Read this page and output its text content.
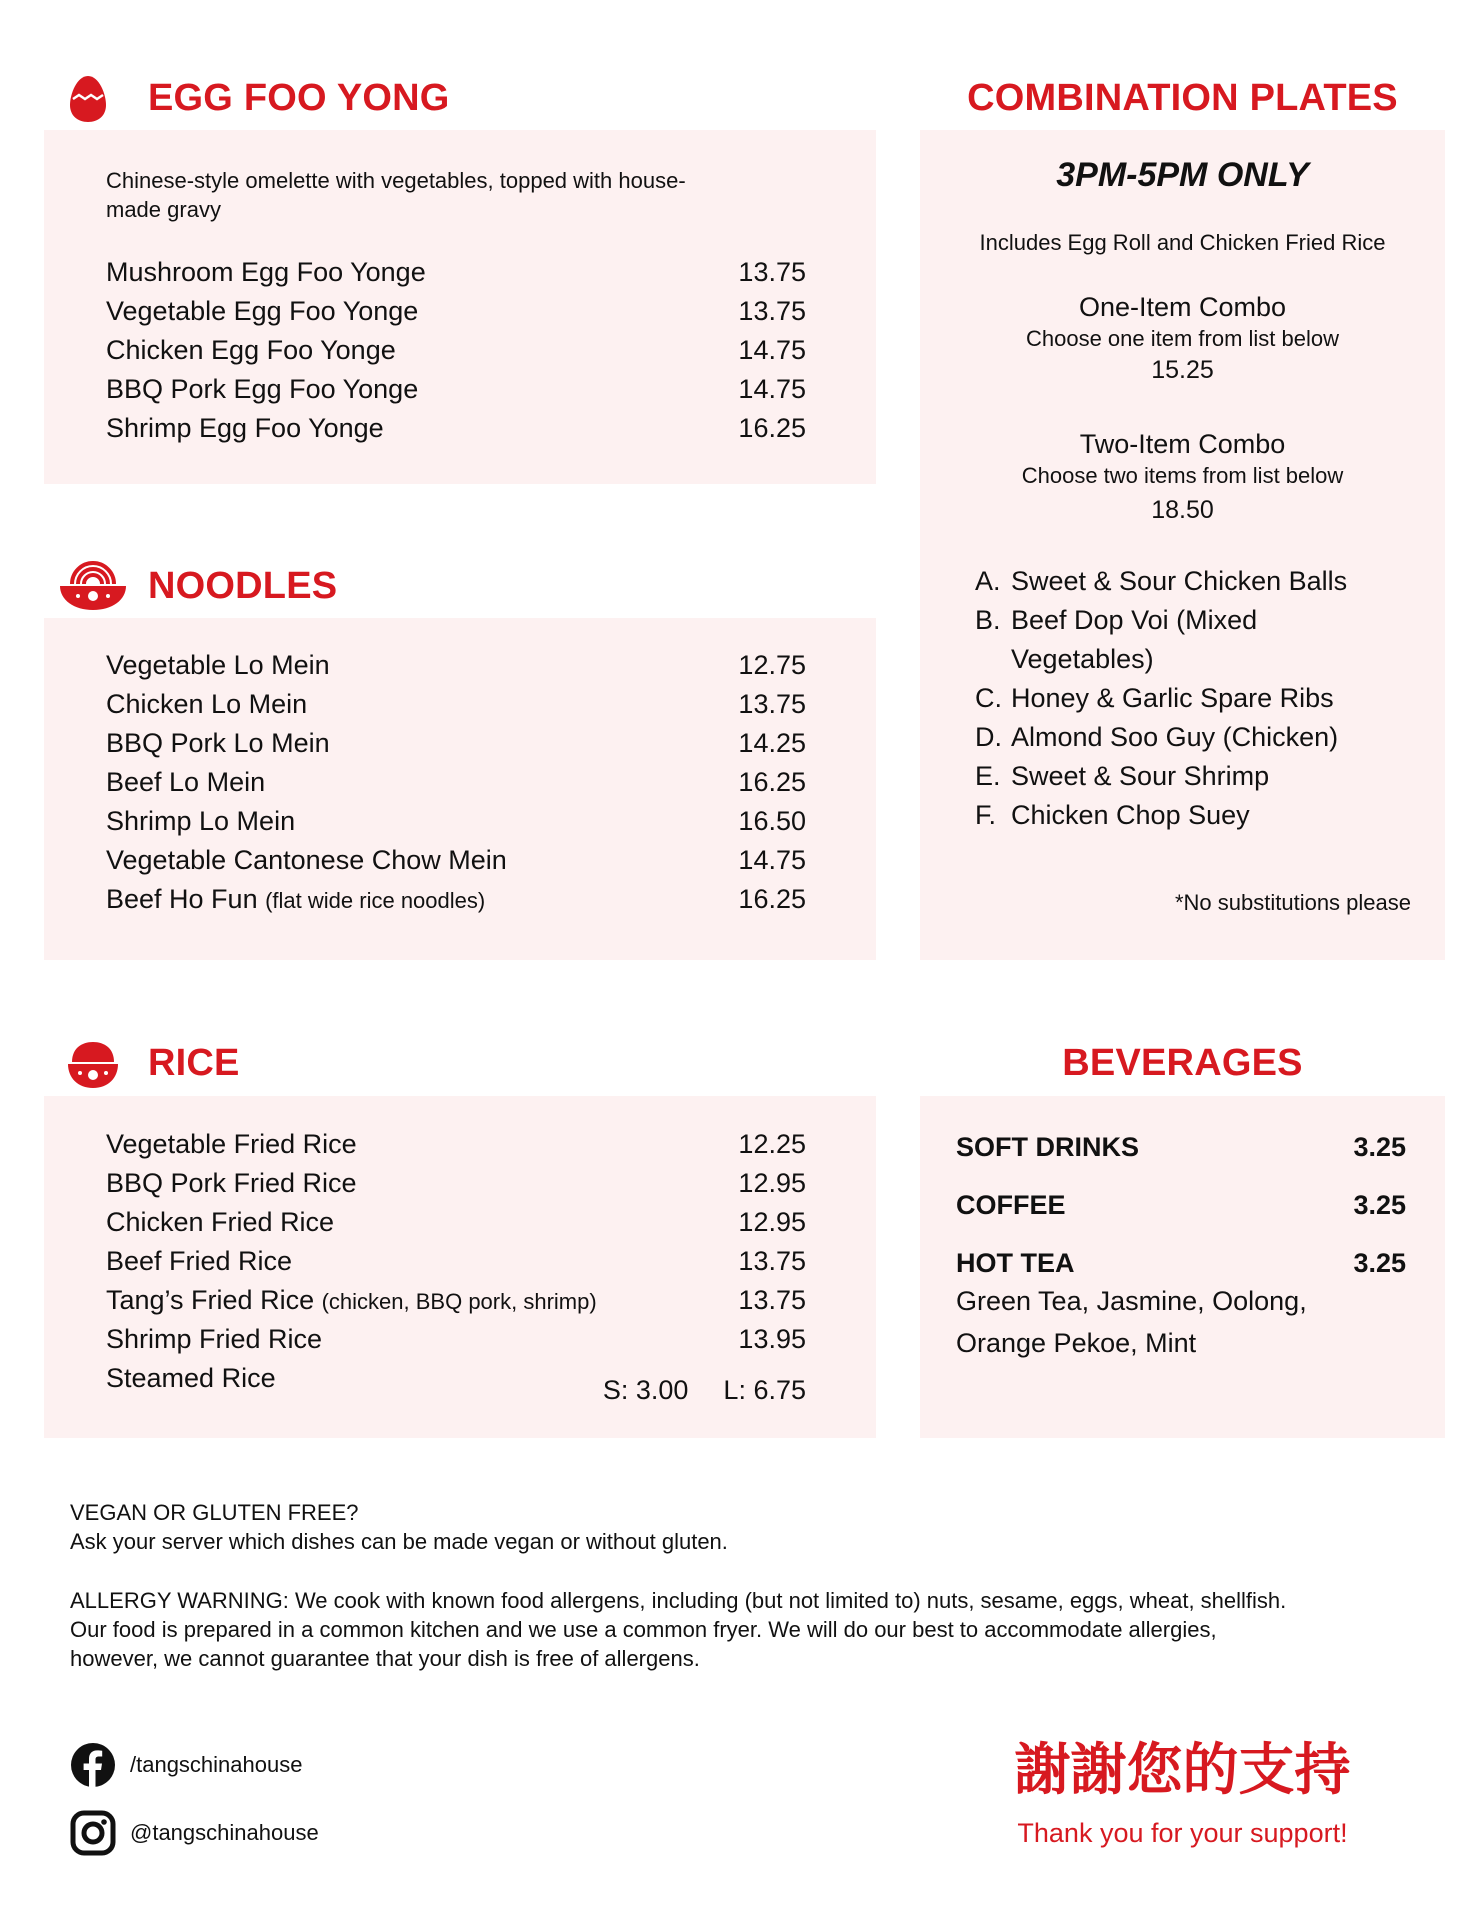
EGG FOO YONG
Chinese-style omelette with vegetables, topped with house-made gravy
Mushroom Egg Foo Yonge	13.75
Vegetable Egg Foo Yonge	13.75
Chicken Egg Foo Yonge	14.75
BBQ Pork Egg Foo Yonge	14.75
Shrimp Egg Foo Yonge	16.25
NOODLES
Vegetable Lo Mein	12.75
Chicken Lo Mein	13.75
BBQ Pork Lo Mein	14.25
Beef Lo Mein	16.25
Shrimp Lo Mein	16.50
Vegetable Cantonese Chow Mein	14.75
Beef Ho Fun (flat wide rice noodles)	16.25
RICE
Vegetable Fried Rice	12.25
BBQ Pork Fried Rice	12.95
Chicken Fried Rice	12.95
Beef Fried Rice	13.75
Tang’s Fried Rice (chicken, BBQ pork, shrimp)	13.75
Shrimp Fried Rice	13.95
Steamed Rice	S: 3.00 L: 6.75
COMBINATION PLATES
3PM-5PM ONLY
Includes Egg Roll and Chicken Fried Rice
One-Item Combo
Choose one item from list below
15.25
Two-Item Combo
Choose two items from list below
18.50
A. Sweet & Sour Chicken Balls
B. Beef Dop Voi (Mixed Vegetables)
C. Honey & Garlic Spare Ribs
D. Almond Soo Guy (Chicken)
E. Sweet & Sour Shrimp
F. Chicken Chop Suey
*No substitutions please
BEVERAGES
SOFT DRINKS	3.25
COFFEE	3.25
HOT TEA	3.25
Green Tea, Jasmine, Oolong,
Orange Pekoe, Mint
VEGAN OR GLUTEN FREE?
Ask your server which dishes can be made vegan or without gluten.
ALLERGY WARNING: We cook with known food allergens, including (but not limited to) nuts, sesame, eggs, wheat, shellfish.
Our food is prepared in a common kitchen and we use a common fryer. We will do our best to accommodate allergies,
however, we cannot guarantee that your dish is free of allergens.
/tangschinahouse
@tangschinahouse
謝謝您的支持
Thank you for your support!
